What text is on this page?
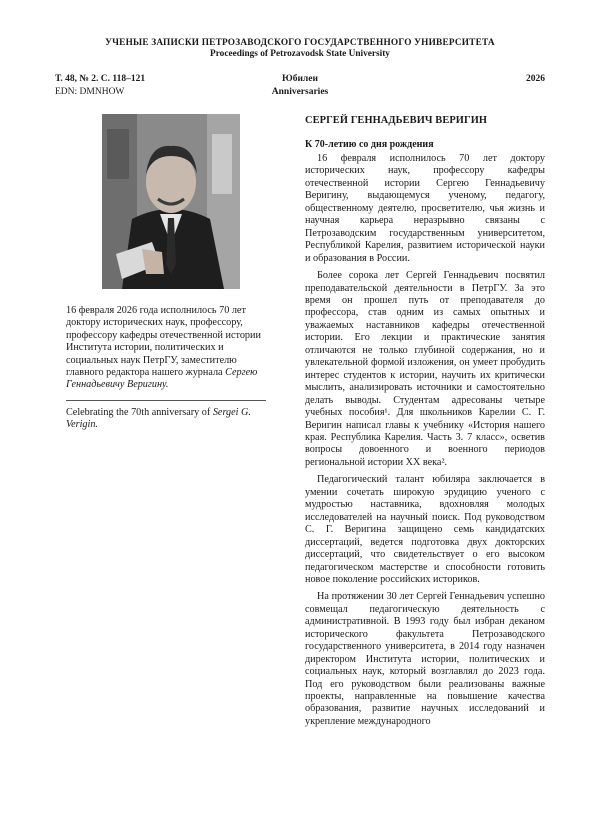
УЧЕНЫЕ ЗАПИСКИ ПЕТРОЗАВОДСКОГО ГОСУДАРСТВЕННОГО УНИВЕРСИТЕТА
Proceedings of Petrozavodsk State University
Т. 48, № 2. С. 118–121	Юбилеи	2026
EDN: DMNHOW	Anniversaries

16 февраля 2026 года исполнилось 70 лет доктору исторических наук, профессору, профессору кафедры отечественной истории Института истории, политических и социальных наук ПетрГУ, заместителю главного редактора нашего журнала Сергею Геннадьевичу Веригину.

Celebrating the 70th anniversary of Sergei G. Verigin.

СЕРГЕЙ ГЕННАДЬЕВИЧ ВЕРИГИН
К 70-летию со дня рождения

16 февраля исполнилось 70 лет доктору исторических наук, профессору кафедры отечественной истории Сергею Геннадьевичу Веригину, выдающемуся ученому, педагогу, общественному деятелю, просветителю, чья жизнь и научная карьера неразрывно связаны с Петрозаводским государственным университетом, Республикой Карелия, развитием исторической науки и образования в России.

Более сорока лет Сергей Геннадьевич посвятил преподавательской деятельности в ПетрГУ. За это время он прошел путь от преподавателя до профессора, став одним из самых опытных и уважаемых наставников кафедры отечественной истории. Его лекции и практические занятия отличаются не только глубиной содержания, но и увлекательной формой изложения, он умеет пробудить интерес студентов к истории, научить их критически мыслить, анализировать источники и самостоятельно делать выводы. Студентам адресованы четыре учебных пособия¹. Для школьников Карелии С. Г. Веригин написал главы к учебнику «История нашего края. Республика Карелия. Часть 3. 7 класс», осветив вопросы довоенного и военного периодов региональной истории XX века².

Педагогический талант юбиляра заключается в умении сочетать широкую эрудицию ученого с мудростью наставника, вдохновляя молодых исследователей на научный поиск. Под руководством С. Г. Веригина защищено семь кандидатских диссертаций, ведется подготовка двух докторских диссертаций, что свидетельствует о его высоком педагогическом мастерстве и способности готовить новое поколение российских историков.

На протяжении 30 лет Сергей Геннадьевич успешно совмещал педагогическую деятельность с административной. В 1993 году был избран деканом исторического факультета Петрозаводского государственного университета, в 2014 году назначен директором Института истории, политических и социальных наук, который возглавлял до 2023 года. Под его руководством были реализованы важные проекты, направленные на повышение качества образования, развитие научных исследований и укрепление международного
